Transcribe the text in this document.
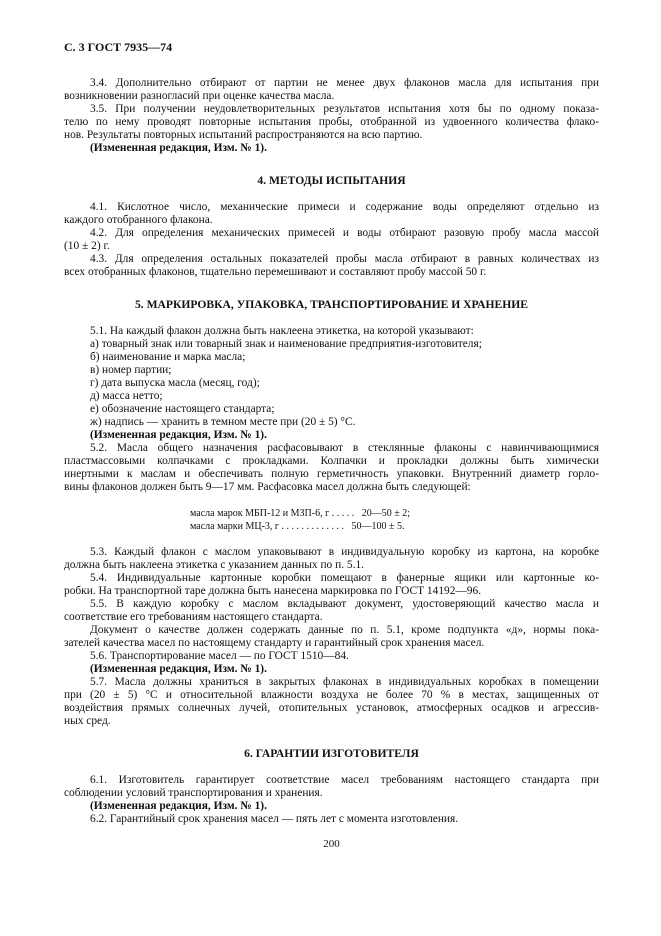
С. 3 ГОСТ 7935—74
3.4. Дополнительно отбирают от партии не менее двух флаконов масла для испытания при
возникновении разногласий при оценке качества масла.
3.5. При получении неудовлетворительных результатов испытания хотя бы по одному показа-
телю по нему проводят повторные испытания пробы, отобранной из удвоенного количества флако-
нов. Результаты повторных испытаний распространяются на всю партию.
(Измененная редакция, Изм. № 1).
4. МЕТОДЫ ИСПЫТАНИЯ
4.1. Кислотное число, механические примеси и содержание воды определяют отдельно из
каждого отобранного флакона.
4.2. Для определения механических примесей и воды отбирают разовую пробу масла массой
(10 ± 2) г.
4.3. Для определения остальных показателей пробы масла отбирают в равных количествах из
всех отобранных флаконов, тщательно перемешивают и составляют пробу массой 50 г.
5. МАРКИРОВКА, УПАКОВКА, ТРАНСПОРТИРОВАНИЕ И ХРАНЕНИЕ
5.1. На каждый флакон должна быть наклеена этикетка, на которой указывают:
а) товарный знак или товарный знак и наименование предприятия-изготовителя;
б) наименование и марка масла;
в) номер партии;
г) дата выпуска масла (месяц, год);
д) масса нетто;
е) обозначение настоящего стандарта;
ж) надпись — хранить в темном месте при (20 ± 5) °С.
(Измененная редакция, Изм. № 1).
5.2. Масла общего назначения расфасовывают в стеклянные флаконы с навинчивающимися
пластмассовыми колпачками с прокладками. Колпачки и прокладки должны быть химически
инертными к маслам и обеспечивать полную герметичность упаковки. Внутренний диаметр горло-
вины флаконов должен быть 9—17 мм. Расфасовка масел должна быть следующей:
масла марок МБП-12 и МЗП-6, г . . . . .   20—50 ± 2;
масла марки МЦ-3, г . . . . . . . . . . . . .   50—100 ± 5.
5.3. Каждый флакон с маслом упаковывают в индивидуальную коробку из картона, на коробке
должна быть наклеена этикетка с указанием данных по п. 5.1.
5.4. Индивидуальные картонные коробки помещают в фанерные ящики или картонные ко-
робки. На транспортной таре должна быть нанесена маркировка по ГОСТ 14192—96.
5.5. В каждую коробку с маслом вкладывают документ, удостоверяющий качество масла и
соответствие его требованиям настоящего стандарта.
Документ о качестве должен содержать данные по п. 5.1, кроме подпункта «д», нормы пока-
зателей качества масел по настоящему стандарту и гарантийный срок хранения масел.
5.6. Транспортирование масел — по ГОСТ 1510—84.
(Измененная редакция, Изм. № 1).
5.7. Масла должны храниться в закрытых флаконах в индивидуальных коробках в помещении
при (20 ± 5) °С и относительной влажности воздуха не более 70 % в местах, защищенных от
воздействия прямых солнечных лучей, отопительных установок, атмосферных осадков и агрессив-
ных сред.
6. ГАРАНТИИ ИЗГОТОВИТЕЛЯ
6.1. Изготовитель гарантирует соответствие масел требованиям настоящего стандарта при
соблюдении условий транспортирования и хранения.
(Измененная редакция, Изм. № 1).
6.2. Гарантийный срок хранения масел — пять лет с момента изготовления.
200
